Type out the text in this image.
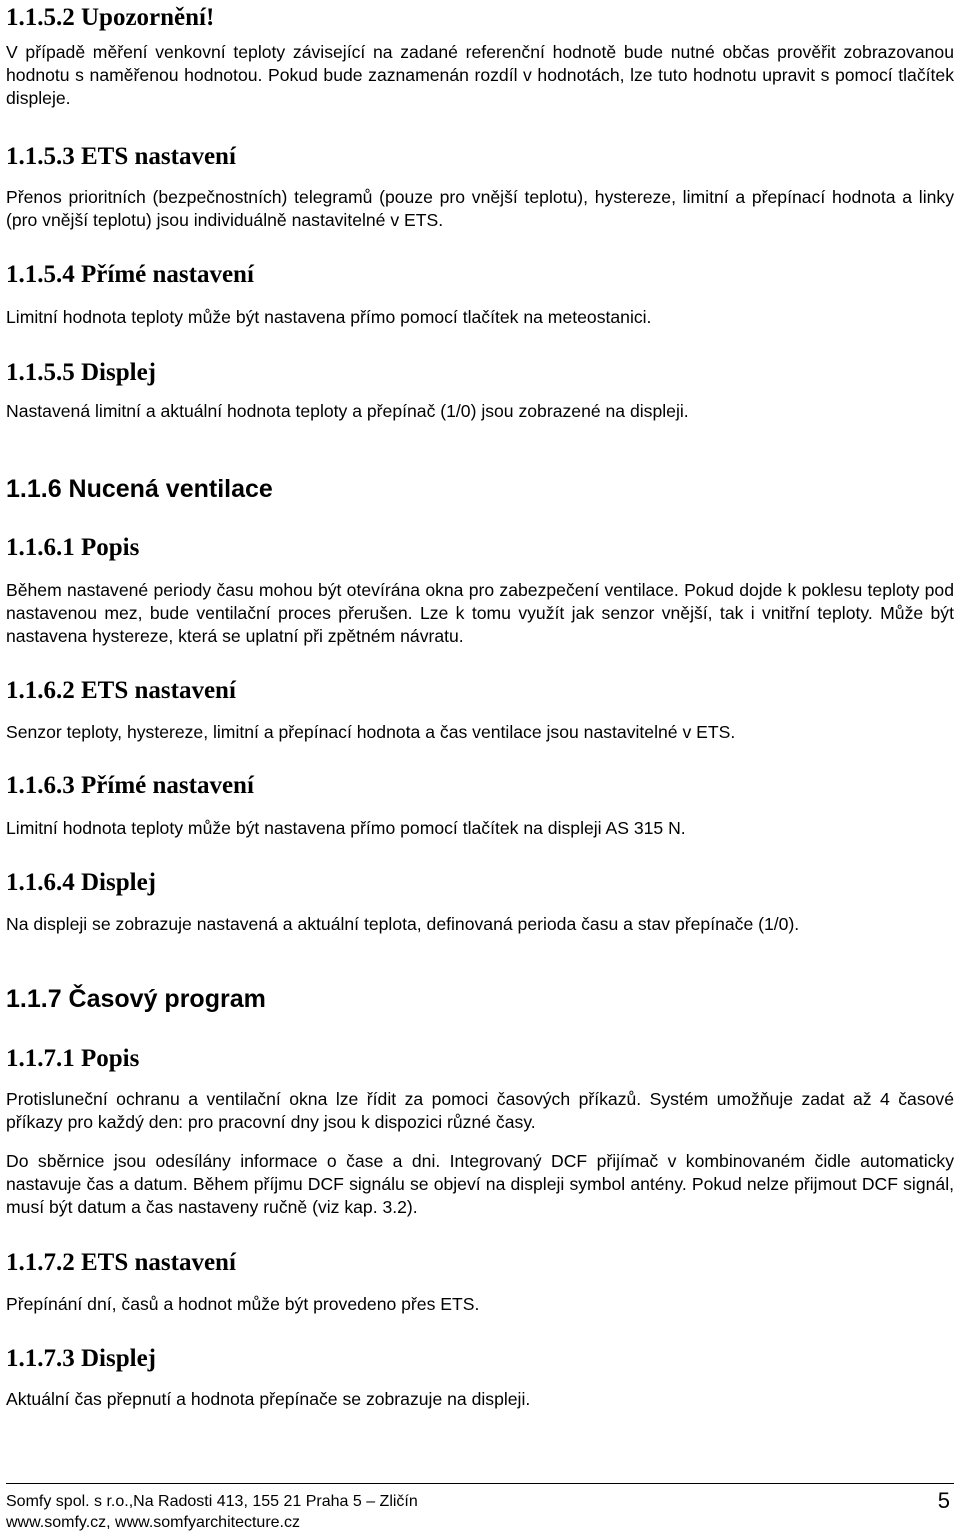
1.1.5.2 Upozornění!

V případě měření venkovní teploty závisející na zadané referenční hodnotě bude nutné občas prověřit zobrazovanou hodnotu s naměřenou hodnotou. Pokud bude zaznamenán rozdíl v hodnotách, lze tuto hodnotu upravit s pomocí tlačítek displeje.

1.1.5.3 ETS nastavení

Přenos prioritních (bezpečnostních) telegramů (pouze pro vnější teplotu), hystereze, limitní a přepínací hodnota a linky (pro vnější teplotu) jsou individuálně nastavitelné v ETS.

1.1.5.4 Přímé nastavení

Limitní hodnota teploty může být nastavena přímo pomocí tlačítek na meteostanici.

1.1.5.5 Displej

Nastavená limitní a aktuální hodnota teploty a přepínač (1/0) jsou zobrazené na displeji.

1.1.6 Nucená ventilace
1.1.6.1 Popis

Během nastavené periody času mohou být otevírána okna pro zabezpečení ventilace. Pokud dojde k poklesu teploty pod nastavenou mez, bude ventilační proces přerušen. Lze k tomu využít jak senzor vnější, tak i vnitřní teploty. Může být nastavena hystereze, která se uplatní při zpětném návratu.

1.1.6.2 ETS nastavení

Senzor teploty, hystereze, limitní a přepínací hodnota a čas ventilace jsou nastavitelné v ETS.

1.1.6.3 Přímé nastavení

Limitní hodnota teploty může být nastavena přímo pomocí tlačítek na displeji AS 315 N.

1.1.6.4 Displej

Na displeji se zobrazuje nastavená a aktuální teplota, definovaná perioda času a stav přepínače (1/0).

1.1.7 Časový program
1.1.7.1 Popis

Protisluneční ochranu a ventilační okna lze řídit za pomoci časových příkazů. Systém umožňuje zadat až 4 časové příkazy pro každý den: pro pracovní dny jsou k dispozici různé časy.

Do sběrnice jsou odesílány informace o čase a dni. Integrovaný DCF přijímač v kombinovaném čidle automaticky nastavuje čas a datum. Během příjmu DCF signálu se objeví na displeji symbol antény. Pokud nelze přijmout DCF signál, musí být datum a čas nastaveny ručně (viz kap. 3.2).

1.1.7.2 ETS nastavení

Přepínání dní, časů a hodnot může být provedeno přes ETS.

1.1.7.3 Displej

Aktuální čas přepnutí a hodnota přepínače se zobrazuje na displeji.

Somfy spol. s r.o.,Na Radosti 413, 155 21 Praha 5 – Zličín
www.somfy.cz, www.somfyarchitecture.cz
5
